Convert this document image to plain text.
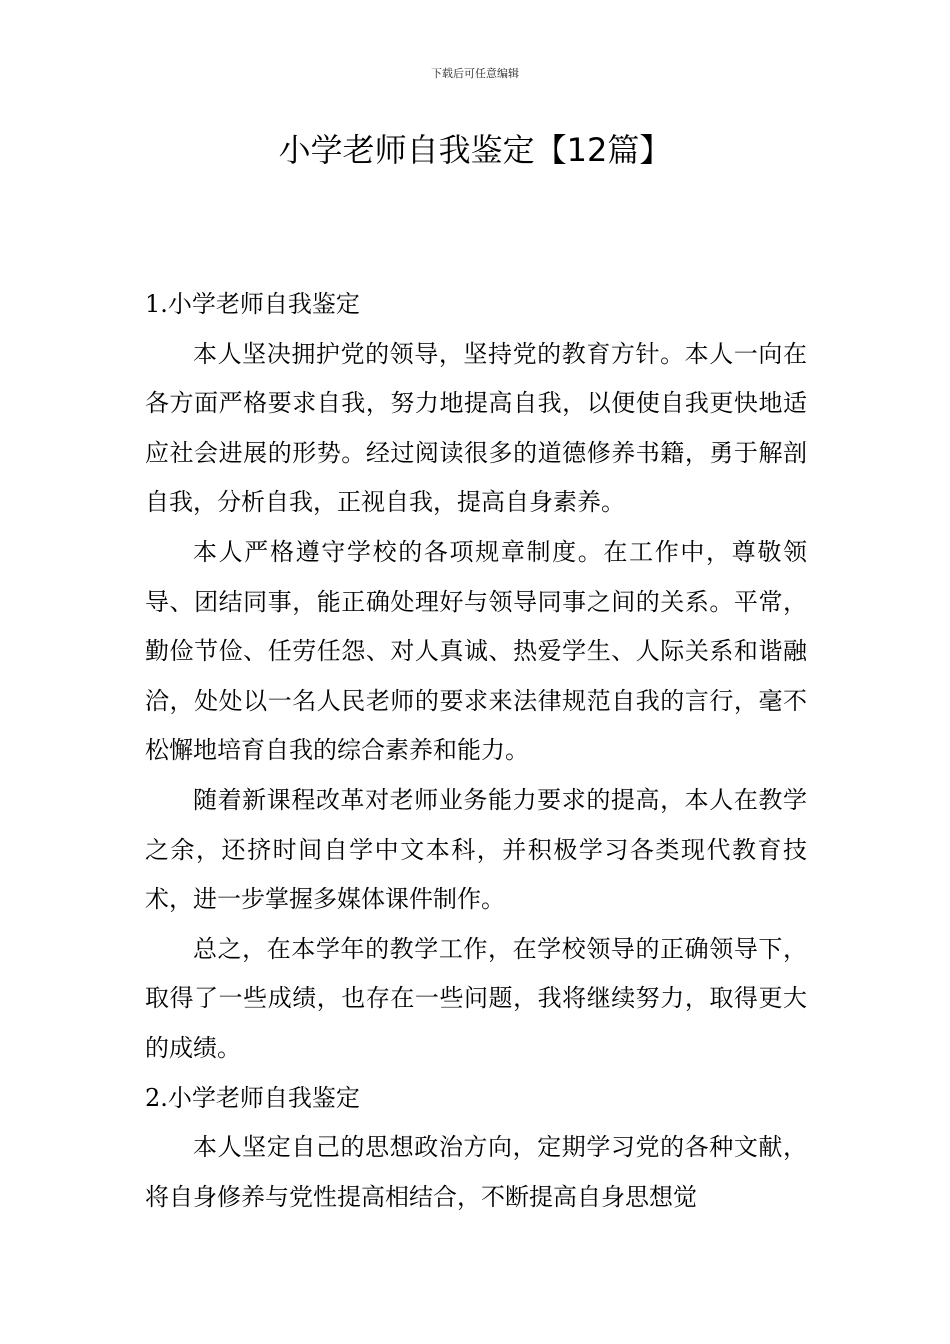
下载后可任意编辑
小学老师自我鉴定【12篇】

1.小学老师自我鉴定

本人坚决拥护党的领导，坚持党的教育方针。本人一向在各方面严格要求自我，努力地提高自我，以便使自我更快地适应社会进展的形势。经过阅读很多的道德修养书籍，勇于解剖自我，分析自我，正视自我，提高自身素养。

本人严格遵守学校的各项规章制度。在工作中，尊敬领导、团结同事，能正确处理好与领导同事之间的关系。平常，勤俭节俭、任劳任怨、对人真诚、热爱学生、人际关系和谐融洽，处处以一名人民老师的要求来法律规范自我的言行，毫不松懈地培育自我的综合素养和能力。

随着新课程改革对老师业务能力要求的提高，本人在教学之余，还挤时间自学中文本科，并积极学习各类现代教育技术，进一步掌握多媒体课件制作。

总之，在本学年的教学工作，在学校领导的正确领导下，取得了一些成绩，也存在一些问题，我将继续努力，取得更大的成绩。

2.小学老师自我鉴定

本人坚定自己的思想政治方向，定期学习党的各种文献，将自身修养与党性提高相结合，不断提高自身思想觉
